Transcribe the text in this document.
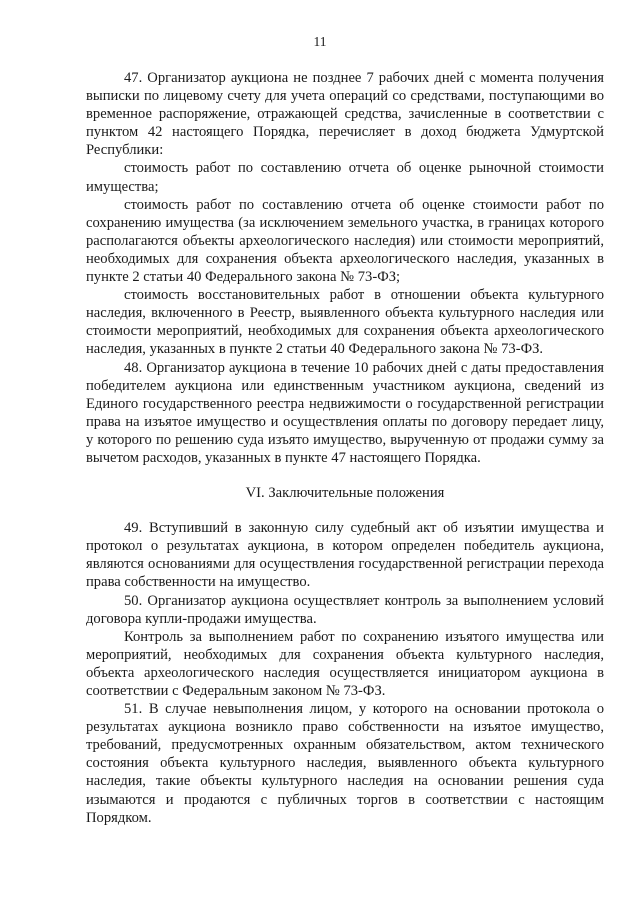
11

47. Организатор аукциона не позднее 7 рабочих дней с момента получения выписки по лицевому счету для учета операций со средствами, поступающими во временное распоряжение, отражающей средства, зачисленные в соответствии с пунктом 42 настоящего Порядка, перечисляет в доход бюджета Удмуртской Республики:

стоимость работ по составлению отчета об оценке рыночной стоимости имущества;

стоимость работ по составлению отчета об оценке стоимости работ по сохранению имущества (за исключением земельного участка, в границах которого располагаются объекты археологического наследия) или стоимости мероприятий, необходимых для сохранения объекта археологического наследия, указанных в пункте 2 статьи 40 Федерального закона № 73-ФЗ;

стоимость восстановительных работ в отношении объекта культурного наследия, включенного в Реестр, выявленного объекта культурного наследия или стоимости мероприятий, необходимых для сохранения объекта археологического наследия, указанных в пункте 2 статьи 40 Федерального закона № 73-ФЗ.

48. Организатор аукциона в течение 10 рабочих дней с даты предоставления победителем аукциона или единственным участником аукциона, сведений из Единого государственного реестра недвижимости о государственной регистрации права на изъятое имущество и осуществления оплаты по договору передает лицу, у которого по решению суда изъято имущество, вырученную от продажи сумму за вычетом расходов, указанных в пункте 47 настоящего Порядка.

VI. Заключительные положения

49. Вступивший в законную силу судебный акт об изъятии имущества и протокол о результатах аукциона, в котором определен победитель аукциона, являются основаниями для осуществления государственной регистрации перехода права собственности на имущество.

50. Организатор аукциона осуществляет контроль за выполнением условий договора купли-продажи имущества.

Контроль за выполнением работ по сохранению изъятого имущества или мероприятий, необходимых для сохранения объекта культурного наследия, объекта археологического наследия осуществляется инициатором аукциона в соответствии с Федеральным законом № 73-ФЗ.

51. В случае невыполнения лицом, у которого на основании протокола о результатах аукциона возникло право собственности на изъятое имущество, требований, предусмотренных охранным обязательством, актом технического состояния объекта культурного наследия, выявленного объекта культурного наследия, такие объекты культурного наследия на основании решения суда изымаются и продаются с публичных торгов в соответствии с настоящим Порядком.
